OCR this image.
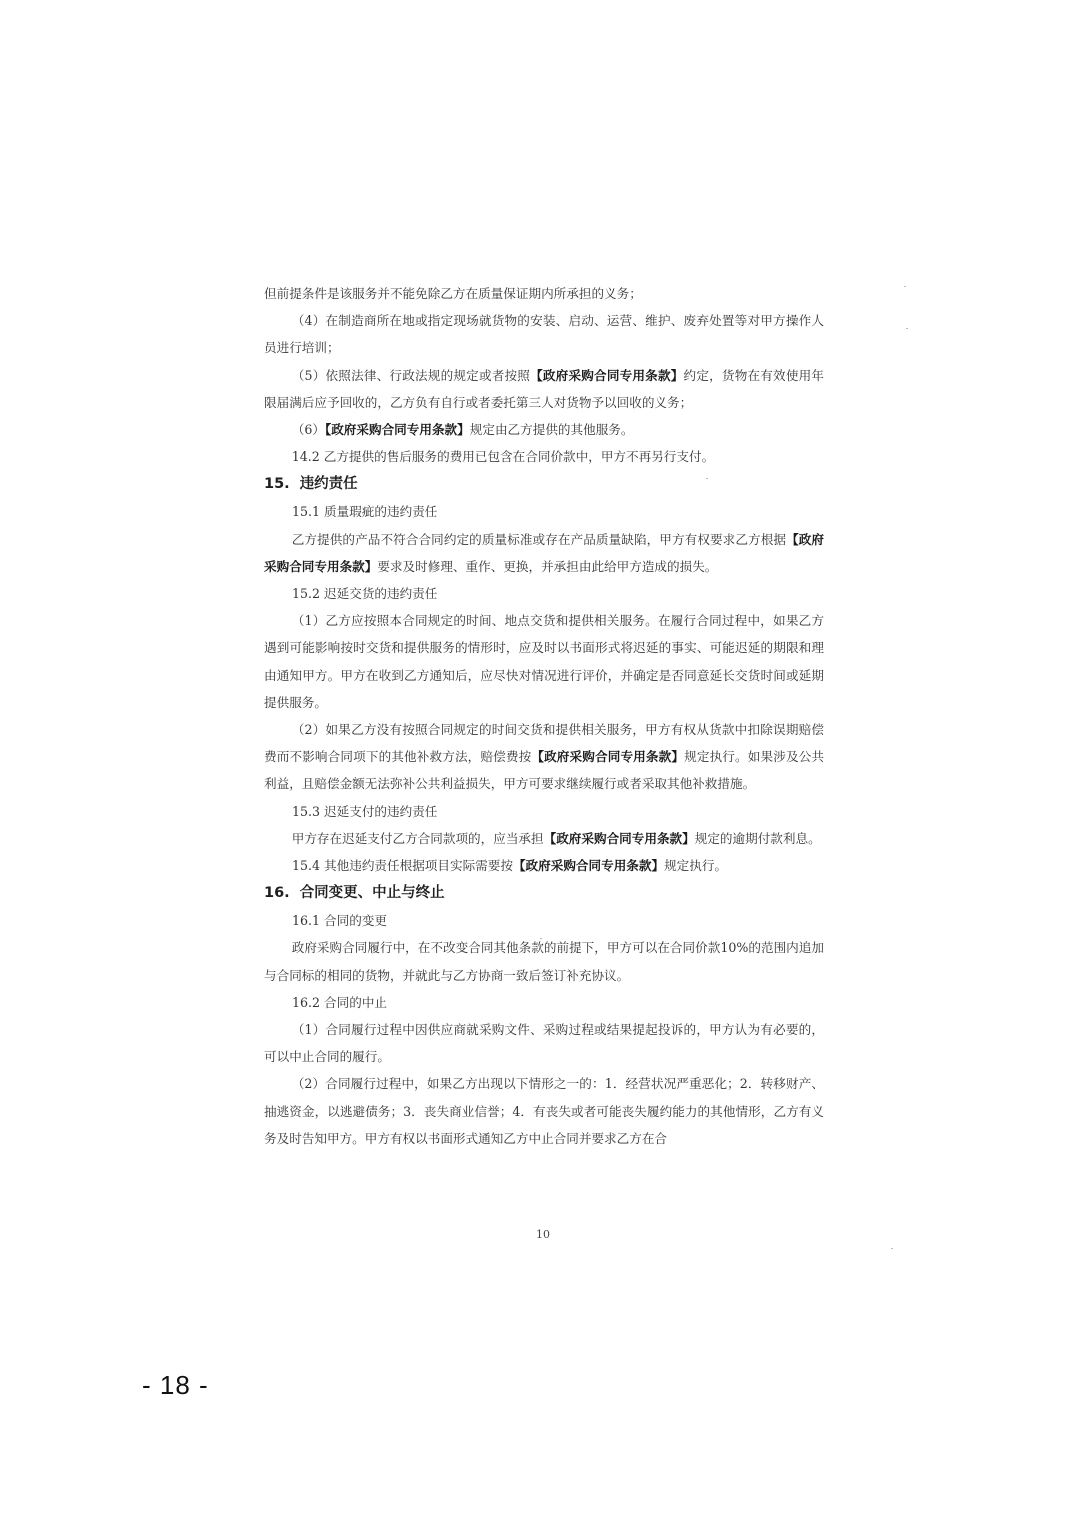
但前提条件是该服务并不能免除乙方在质量保证期内所承担的义务；

（4）在制造商所在地或指定现场就货物的安装、启动、运营、维护、废弃处置等对甲方操作人员进行培训；

（5）依照法律、行政法规的规定或者按照【政府采购合同专用条款】约定，货物在有效使用年限届满后应予回收的，乙方负有自行或者委托第三人对货物予以回收的义务；

（6）【政府采购合同专用条款】规定由乙方提供的其他服务。

14.2 乙方提供的售后服务的费用已包含在合同价款中，甲方不再另行支付。

15. 违约责任

15.1 质量瑕疵的违约责任

乙方提供的产品不符合合同约定的质量标准或存在产品质量缺陷，甲方有权要求乙方根据【政府采购合同专用条款】要求及时修理、重作、更换，并承担由此给甲方造成的损失。

15.2 迟延交货的违约责任

（1）乙方应按照本合同规定的时间、地点交货和提供相关服务。在履行合同过程中，如果乙方遇到可能影响按时交货和提供服务的情形时，应及时以书面形式将迟延的事实、可能迟延的期限和理由通知甲方。甲方在收到乙方通知后，应尽快对情况进行评价，并确定是否同意延长交货时间或延期提供服务。

（2）如果乙方没有按照合同规定的时间交货和提供相关服务，甲方有权从货款中扣除误期赔偿费而不影响合同项下的其他补救方法，赔偿费按【政府采购合同专用条款】规定执行。如果涉及公共利益，且赔偿金额无法弥补公共利益损失，甲方可要求继续履行或者采取其他补救措施。

15.3 迟延支付的违约责任

甲方存在迟延支付乙方合同款项的，应当承担【政府采购合同专用条款】规定的逾期付款利息。

15.4 其他违约责任根据项目实际需要按【政府采购合同专用条款】规定执行。

16. 合同变更、中止与终止

16.1 合同的变更

政府采购合同履行中，在不改变合同其他条款的前提下，甲方可以在合同价款10%的范围内追加与合同标的相同的货物，并就此与乙方协商一致后签订补充协议。

16.2 合同的中止

（1）合同履行过程中因供应商就采购文件、采购过程或结果提起投诉的，甲方认为有必要的，可以中止合同的履行。

（2）合同履行过程中，如果乙方出现以下情形之一的：1．经营状况严重恶化；2．转移财产、抽逃资金，以逃避债务；3．丧失商业信誉；4．有丧失或者可能丧失履约能力的其他情形，乙方有义务及时告知甲方。甲方有权以书面形式通知乙方中止合同并要求乙方在合

10
- 18 -
